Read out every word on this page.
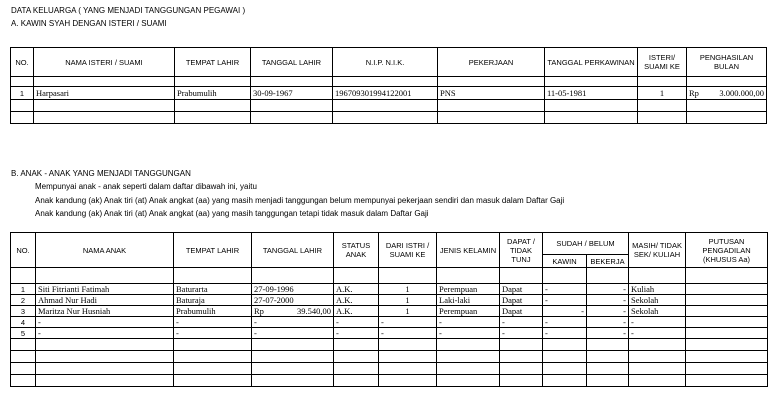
DATA KELUARGA ( YANG MENJADI TANGGUNGAN PEGAWAI )
A. KAWIN SYAH DENGAN ISTERI / SUAMI
NO.	NAMA ISTERI / SUAMI	TEMPAT LAHIR	TANGGAL LAHIR	N.I.P. N.I.K.	PEKERJAAN	TANGGAL PERKAWINAN	ISTERI/ SUAMI KE	PENGHASILAN BULAN

1	Harpasari	Prabumulih	30-09-1967	196709301994122001	PNS	11-05-1981	1	Rp 3.000.000,00

B. ANAK - ANAK YANG MENJADI TANGGUNGAN
Mempunyai anak - anak seperti dalam daftar dibawah ini, yaitu
Anak kandung (ak) Anak tiri (at) Anak angkat (aa) yang masih menjadi tanggungan belum mempunyai pekerjaan sendiri dan masuk dalam Daftar Gaji
Anak kandung (ak) Anak tiri (at) Anak angkat (aa) yang masih tanggungan tetapi tidak masuk dalam Daftar Gaji
NO.	NAMA ANAK	TEMPAT LAHIR	TANGGAL LAHIR	STATUS ANAK	DARI ISTRI / SUAMI KE	JENIS KELAMIN	DAPAT / TIDAK TUNJ	SUDAH / BELUM		MASIH/ TIDAK SEK/ KULIAH	PUTUSAN PENGADILAN (KHUSUS Aa)
								KAWIN	BEKERJA		

1	Siti Fitrianti Fatimah	Baturarta	27-09-1996	A.K.	1	Perempuan	Dapat	-	-	Kuliah	
2	Ahmad Nur Hadi	Baturaja	27-07-2000	A.K.	1	Laki-laki	Dapat	-	-	Sekolah	
3	Maritza Nur Husniah	Prabumulih	Rp 39.540,00	A.K.	1	Perempuan	Dapat	-	-	Sekolah	
4	-	-	-	-	-	-	-	-	-	-	
5	-	-	-	-	-	-	-	-	-	-	
